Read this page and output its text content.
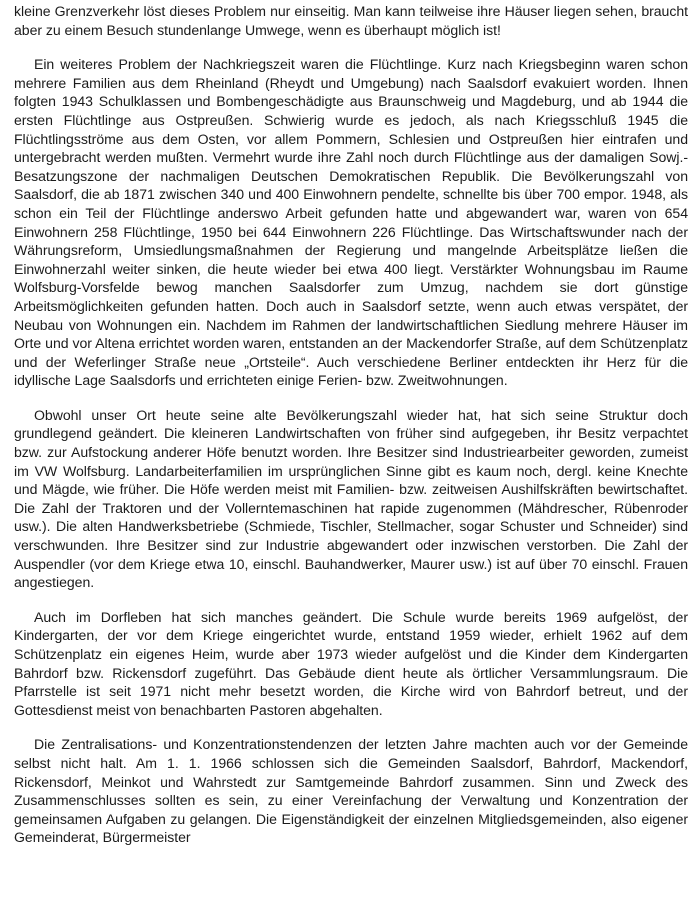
kleine Grenzverkehr löst dieses Problem nur einseitig. Man kann teilweise ihre Häuser liegen sehen, braucht aber zu einem Besuch stundenlange Umwege, wenn es überhaupt möglich ist!

Ein weiteres Problem der Nachkriegszeit waren die Flüchtlinge. Kurz nach Kriegsbeginn waren schon mehrere Familien aus dem Rheinland (Rheydt und Umgebung) nach Saalsdorf evakuiert worden. Ihnen folgten 1943 Schulklassen und Bombengeschädigte aus Braunschweig und Magdeburg, und ab 1944 die ersten Flüchtlinge aus Ostpreußen. Schwierig wurde es jedoch, als nach Kriegsschluß 1945 die Flüchtlingsströme aus dem Osten, vor allem Pommern, Schlesien und Ostpreußen hier eintrafen und untergebracht werden mußten. Vermehrt wurde ihre Zahl noch durch Flüchtlinge aus der damaligen Sowj.-Besatzungszone der nachmaligen Deutschen Demokratischen Republik. Die Bevölkerungszahl von Saalsdorf, die ab 1871 zwischen 340 und 400 Einwohnern pendelte, schnellte bis über 700 empor. 1948, als schon ein Teil der Flüchtlinge anderswo Arbeit gefunden hatte und abgewandert war, waren von 654 Einwohnern 258 Flüchtlinge, 1950 bei 644 Einwohnern 226 Flüchtlinge. Das Wirtschaftswunder nach der Währungsreform, Umsiedlungsmaßnahmen der Regierung und mangelnde Arbeitsplätze ließen die Einwohnerzahl weiter sinken, die heute wieder bei etwa 400 liegt. Verstärkter Wohnungsbau im Raume Wolfsburg-Vorsfelde bewog manchen Saalsdorfer zum Umzug, nachdem sie dort günstige Arbeitsmöglichkeiten gefunden hatten. Doch auch in Saalsdorf setzte, wenn auch etwas verspätet, der Neubau von Wohnungen ein. Nachdem im Rahmen der landwirtschaftlichen Siedlung mehrere Häuser im Orte und vor Altena errichtet worden waren, entstanden an der Mackendorfer Straße, auf dem Schützenplatz und der Weferlinger Straße neue „Ortsteile“. Auch verschiedene Berliner entdeckten ihr Herz für die idyllische Lage Saalsdorfs und errichteten einige Ferien- bzw. Zweitwohnungen.

Obwohl unser Ort heute seine alte Bevölkerungszahl wieder hat, hat sich seine Struktur doch grundlegend geändert. Die kleineren Landwirtschaften von früher sind aufgegeben, ihr Besitz verpachtet bzw. zur Aufstockung anderer Höfe benutzt worden. Ihre Besitzer sind Industriearbeiter geworden, zumeist im VW Wolfsburg. Landarbeiterfamilien im ursprünglichen Sinne gibt es kaum noch, dergl. keine Knechte und Mägde, wie früher. Die Höfe werden meist mit Familien- bzw. zeitweisen Aushilfskräften bewirtschaftet. Die Zahl der Traktoren und der Vollerntemaschinen hat rapide zugenommen (Mähdrescher, Rübenroder usw.). Die alten Handwerksbetriebe (Schmiede, Tischler, Stellmacher, sogar Schuster und Schneider) sind verschwunden. Ihre Besitzer sind zur Industrie abgewandert oder inzwischen verstorben. Die Zahl der Auspendler (vor dem Kriege etwa 10, einschl. Bauhandwerker, Maurer usw.) ist auf über 70 einschl. Frauen angestiegen.

Auch im Dorfleben hat sich manches geändert. Die Schule wurde bereits 1969 aufgelöst, der Kindergarten, der vor dem Kriege eingerichtet wurde, entstand 1959 wieder, erhielt 1962 auf dem Schützenplatz ein eigenes Heim, wurde aber 1973 wieder aufgelöst und die Kinder dem Kindergarten Bahrdorf bzw. Rickensdorf zugeführt. Das Gebäude dient heute als örtlicher Versammlungsraum. Die Pfarrstelle ist seit 1971 nicht mehr besetzt worden, die Kirche wird von Bahrdorf betreut, und der Gottesdienst meist von benachbarten Pastoren abgehalten.

Die Zentralisations- und Konzentrationstendenzen der letzten Jahre machten auch vor der Gemeinde selbst nicht halt. Am 1. 1. 1966 schlossen sich die Gemeinden Saalsdorf, Bahrdorf, Mackendorf, Rickensdorf, Meinkot und Wahrstedt zur Samtgemeinde Bahrdorf zusammen. Sinn und Zweck des Zusammenschlusses sollten es sein, zu einer Vereinfachung der Verwaltung und Konzentration der gemeinsamen Aufgaben zu gelangen. Die Eigenständigkeit der einzelnen Mitgliedsgemeinden, also eigener Gemeinderat, Bürgermeister
